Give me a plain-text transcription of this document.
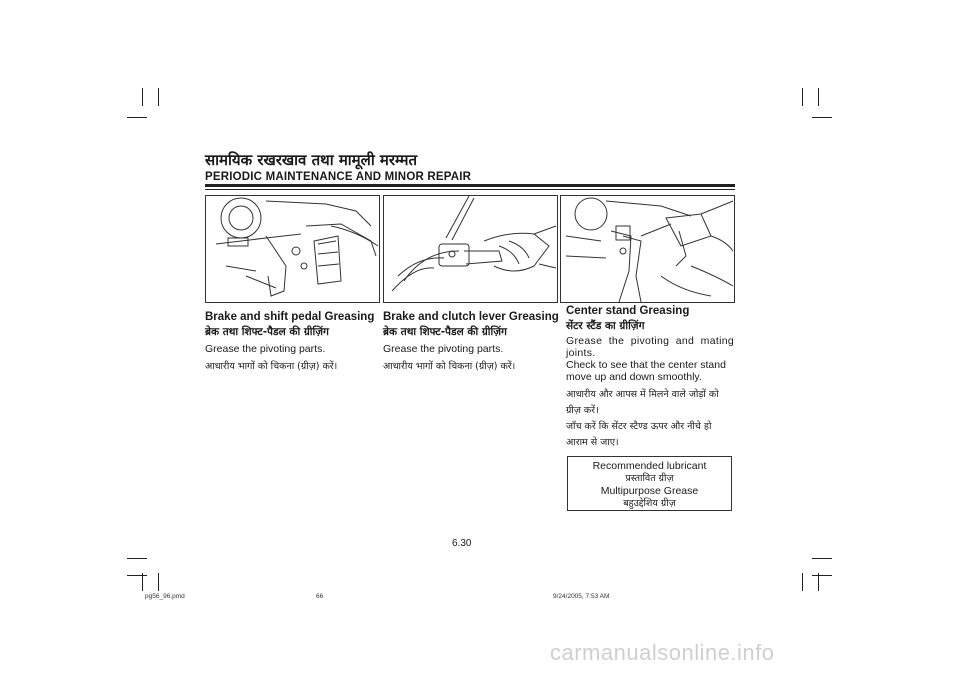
सामयिक रखरखाव तथा मामूली मरम्मत
PERIODIC MAINTENANCE AND MINOR REPAIR
Brake and shift pedal Greasing
ब्रेक तथा शिफ्ट-पैडल की ग्रीज़िंग
Grease the pivoting parts.
आधारीय भागों को चिकना (ग्रीज़) करें।
Brake and clutch lever Greasing
ब्रेक तथा शिफ्ट-पैडल की ग्रीज़िंग
Grease the pivoting parts.
आधारीय भागों को चिकना (ग्रीज़) करें।
Center stand Greasing
सेंटर स्टैंड का ग्रीज़िंग
Grease the pivoting and mating joints.
Check to see that the center stand move up and down smoothly.
आधारीय और आपस में मिलने वाले जोड़ों को ग्रीज़ करें।
जाँच करें कि सेंटर स्टैण्ड ऊपर और नीचे हो आराम से जाए।
Recommended lubricant
प्रस्तावित ग्रीज़
Multipurpose Grease
बहुउद्देशिय ग्रीज़
6.30
pg56_96.pmd	66	9/24/2005, 7:53 AM
carmanualsonline.info
